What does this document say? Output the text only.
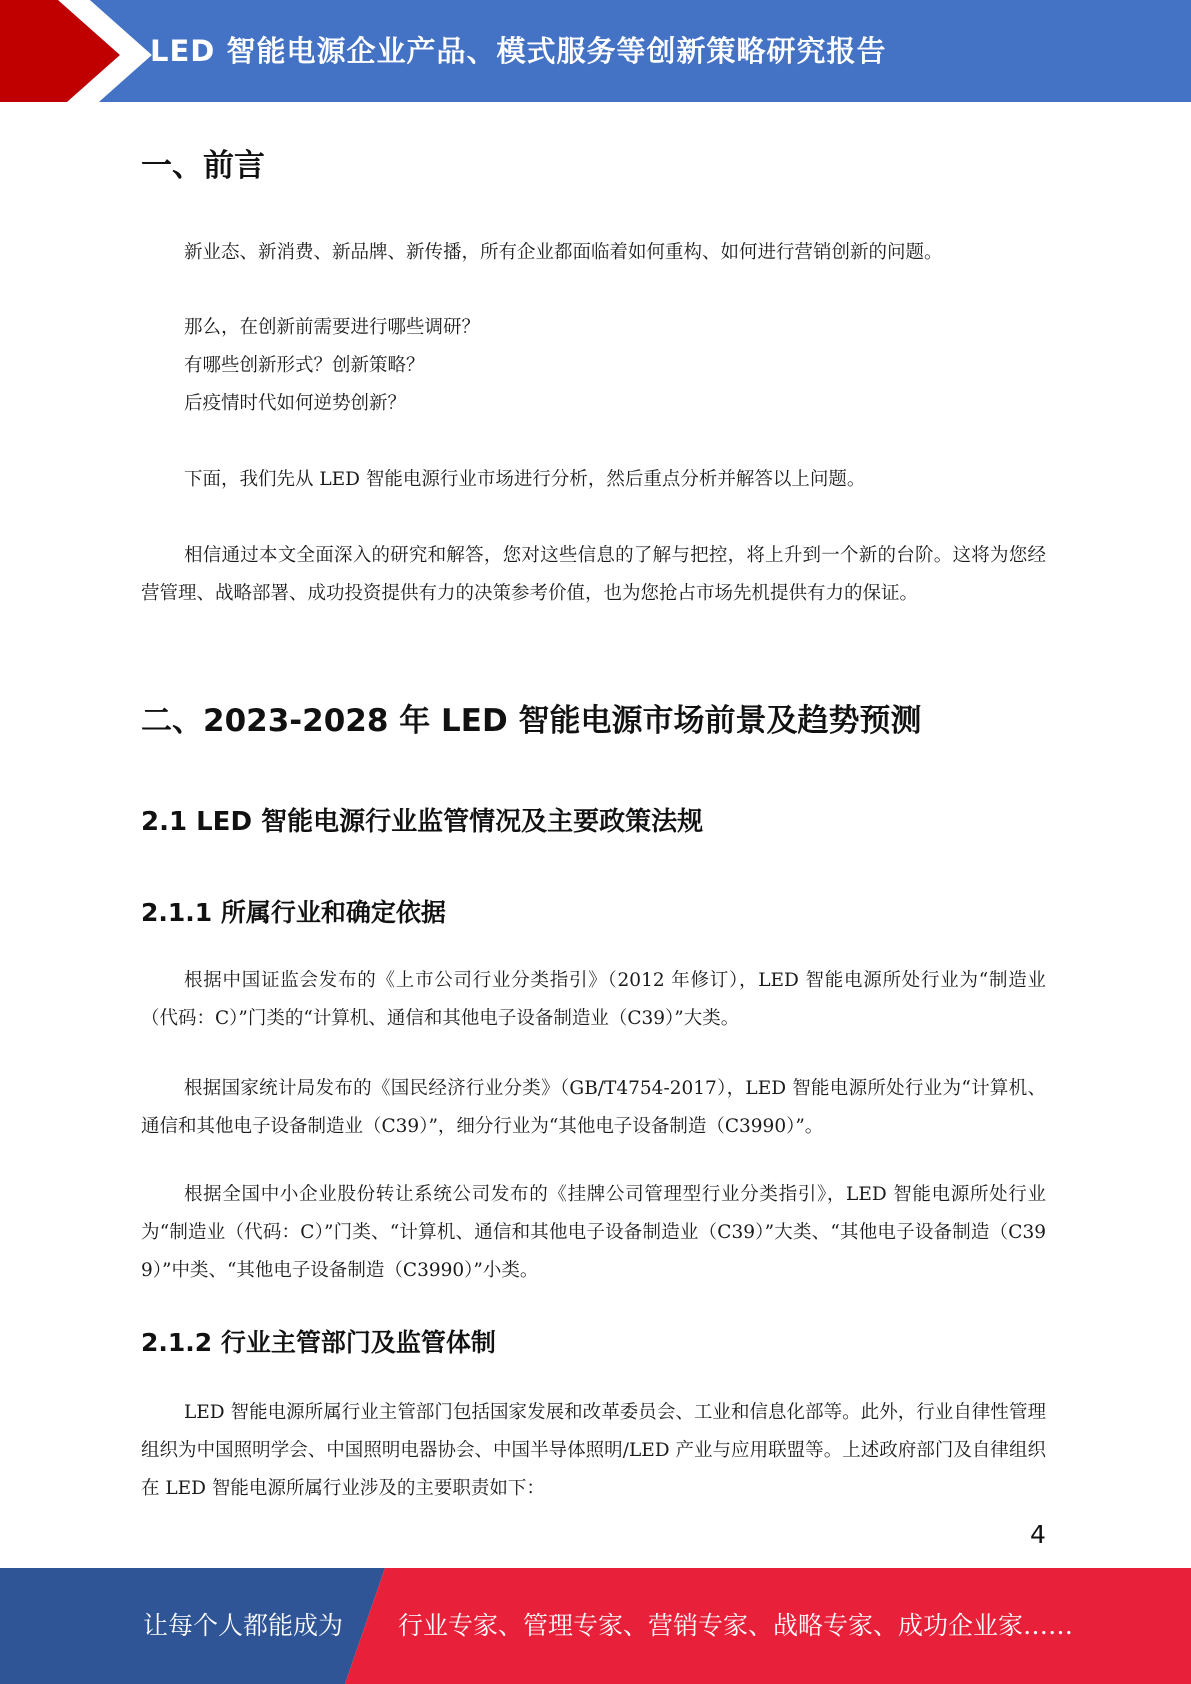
LED 智能电源企业产品、模式服务等创新策略研究报告
一、前言

新业态、新消费、新品牌、新传播，所有企业都面临着如何重构、如何进行营销创新的问题。

那么，在创新前需要进行哪些调研？
有哪些创新形式？创新策略？
后疫情时代如何逆势创新？

下面，我们先从 LED 智能电源行业市场进行分析，然后重点分析并解答以上问题。

相信通过本文全面深入的研究和解答，您对这些信息的了解与把控，将上升到一个新的台阶。这将为您经营管理、战略部署、成功投资提供有力的决策参考价值，也为您抢占市场先机提供有力的保证。

二、2023-2028 年 LED 智能电源市场前景及趋势预测
2.1 LED 智能电源行业监管情况及主要政策法规
2.1.1 所属行业和确定依据

根据中国证监会发布的《上市公司行业分类指引》（2012 年修订），LED 智能电源所处行业为“制造业（代码：C）”门类的“计算机、通信和其他电子设备制造业（C39）”大类。

根据国家统计局发布的《国民经济行业分类》（GB/T4754-2017），LED 智能电源所处行业为“计算机、通信和其他电子设备制造业（C39）”，细分行业为“其他电子设备制造（C3990）”。

根据全国中小企业股份转让系统公司发布的《挂牌公司管理型行业分类指引》，LED 智能电源所处行业为“制造业（代码：C）”门类、“计算机、通信和其他电子设备制造业（C39）”大类、“其他电子设备制造（C399）”中类、“其他电子设备制造（C3990）”小类。

2.1.2 行业主管部门及监管体制

LED 智能电源所属行业主管部门包括国家发展和改革委员会、工业和信息化部等。此外，行业自律性管理组织为中国照明学会、中国照明电器协会、中国半导体照明/LED 产业与应用联盟等。上述政府部门及自律组织在 LED 智能电源所属行业涉及的主要职责如下：

4
让每个人都能成为 行业专家、管理专家、营销专家、战略专家、成功企业家……
